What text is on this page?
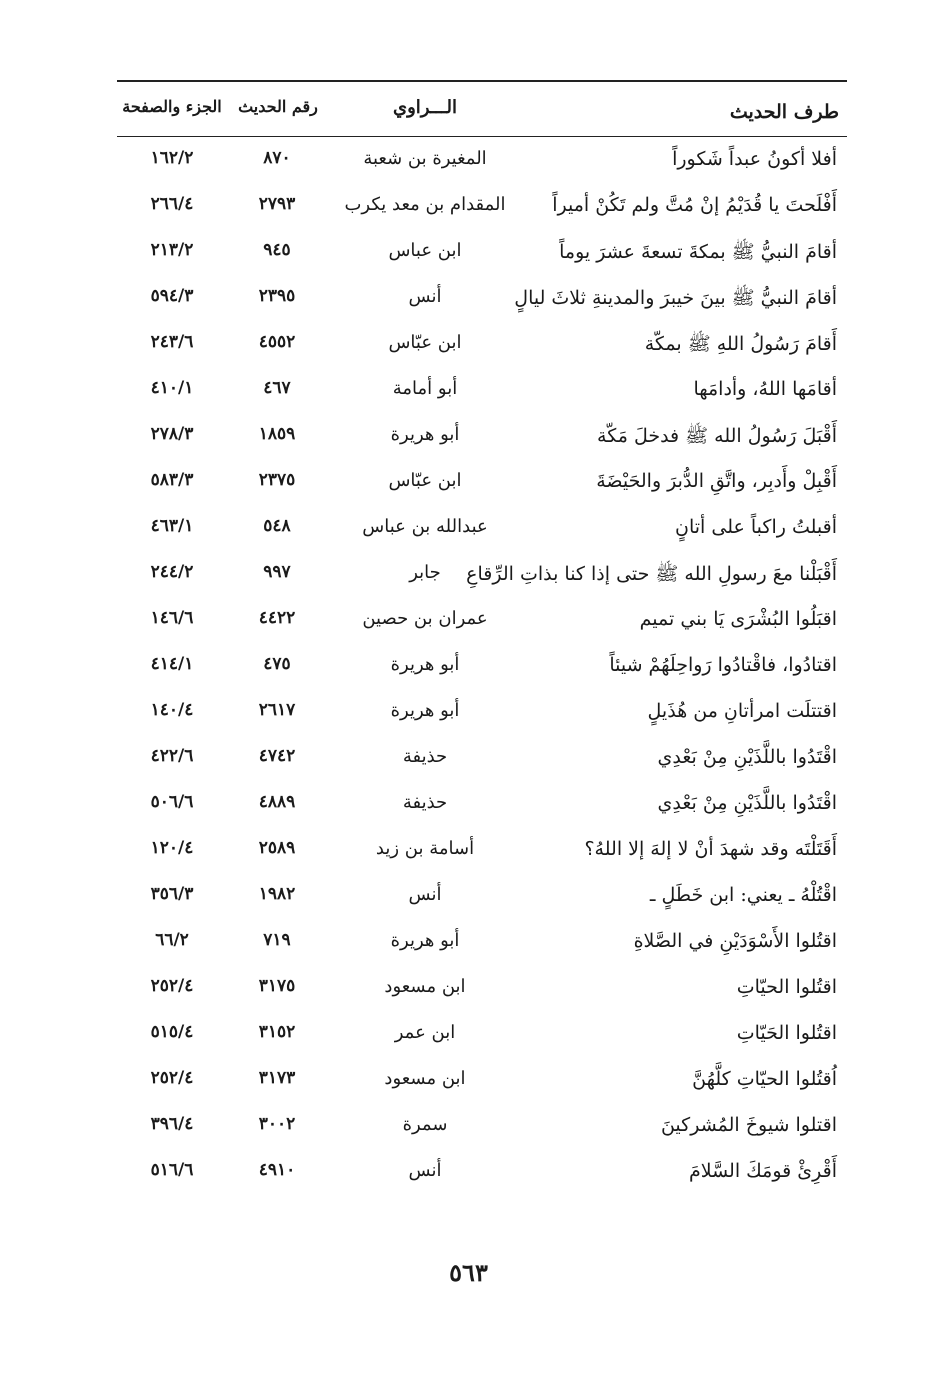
طرف الحديث
الـــراوي
رقم الحديث
الجزء والصفحة
أفلا أكونُ عبداً شَكوراً
المغيرة بن شعبة
٨٧٠
١٦٢/٢
أَفْلَحتَ يا قُدَيْمُ إنْ مُتَّ ولم تَكُنْ أميراً
المقدام بن معد يكرب
٢٧٩٣
٢٦٦/٤
أقامَ النبيُّ ﷺ بمكةَ تسعةَ عشرَ يوماً
ابن عباس
٩٤٥
٢١٣/٢
أقامَ النبيُّ ﷺ بينَ خيبرَ والمدينةِ ثلاثَ ليالٍ
أنس
٢٣٩٥
٥٩٤/٣
أَقامَ رَسُولُ اللهِ ﷺ بمكّة
ابن عبّاس
٤٥٥٢
٢٤٣/٦
أقامَها اللهُ، وأدامَها
أبو أمامة
٤٦٧
٤١٠/١
أَقْبَلَ رَسُولُ الله ﷺ فدخلَ مَكّة
أبو هريرة
١٨٥٩
٢٧٨/٣
أَقْبِلْ وأَدبِر، واتَّقِ الدُّبرَ والحَيْضَةَ
ابن عبّاس
٢٣٧٥
٥٨٣/٣
أقبلتُ راكباً على أتانٍ
عبدالله بن عباس
٥٤٨
٤٦٣/١
أَقْبَلْنا معَ رسولِ الله ﷺ حتى إذا كنا بذاتِ الرِّقاعِ
جابر
٩٩٧
٢٤٤/٢
اقبَلُوا البُشْرَى يَا بني تميم
عمران بن حصين
٤٤٢٢
١٤٦/٦
اقتادُوا، فاقْتادُوا رَواحِلَهُمْ شيئاً
أبو هريرة
٤٧٥
٤١٤/١
اقتتلَت امرأتانِ من هُذَيلٍ
أبو هريرة
٢٦١٧
١٤٠/٤
اقْتَدُوا باللَّذَيْنِ مِنْ بَعْدِي
حذيفة
٤٧٤٢
٤٢٢/٦
اقْتَدُوا باللَّذَيْنِ مِنْ بَعْدِي
حذيفة
٤٨٨٩
٥٠٦/٦
أَقَتَلْتَه وقد شهدَ أنْ لا إلهَ إلا اللهُ؟
أسامة بن زيد
٢٥٨٩
١٢٠/٤
اقْتُلْهُ ـ يعني: ابن خَطَلٍ ـ
أنس
١٩٨٢
٣٥٦/٣
اقتُلوا الأَسْوَدَيْنِ في الصَّلاةِ
أبو هريرة
٧١٩
٦٦/٢
اقتُلوا الحيّاتِ
ابن مسعود
٣١٧٥
٢٥٢/٤
اقتُلوا الحَيّاتِ
ابن عمر
٣١٥٢
٥١٥/٤
اُقتُلوا الحيّاتِ كلَّهُنَّ
ابن مسعود
٣١٧٣
٢٥٢/٤
اقتلوا شيوخَ المُشركينَ
سمرة
٣٠٠٢
٣٩٦/٤
أَقْرِئْ قومَكَ السَّلامَ
أنس
٤٩١٠
٥١٦/٦
٥٦٣
